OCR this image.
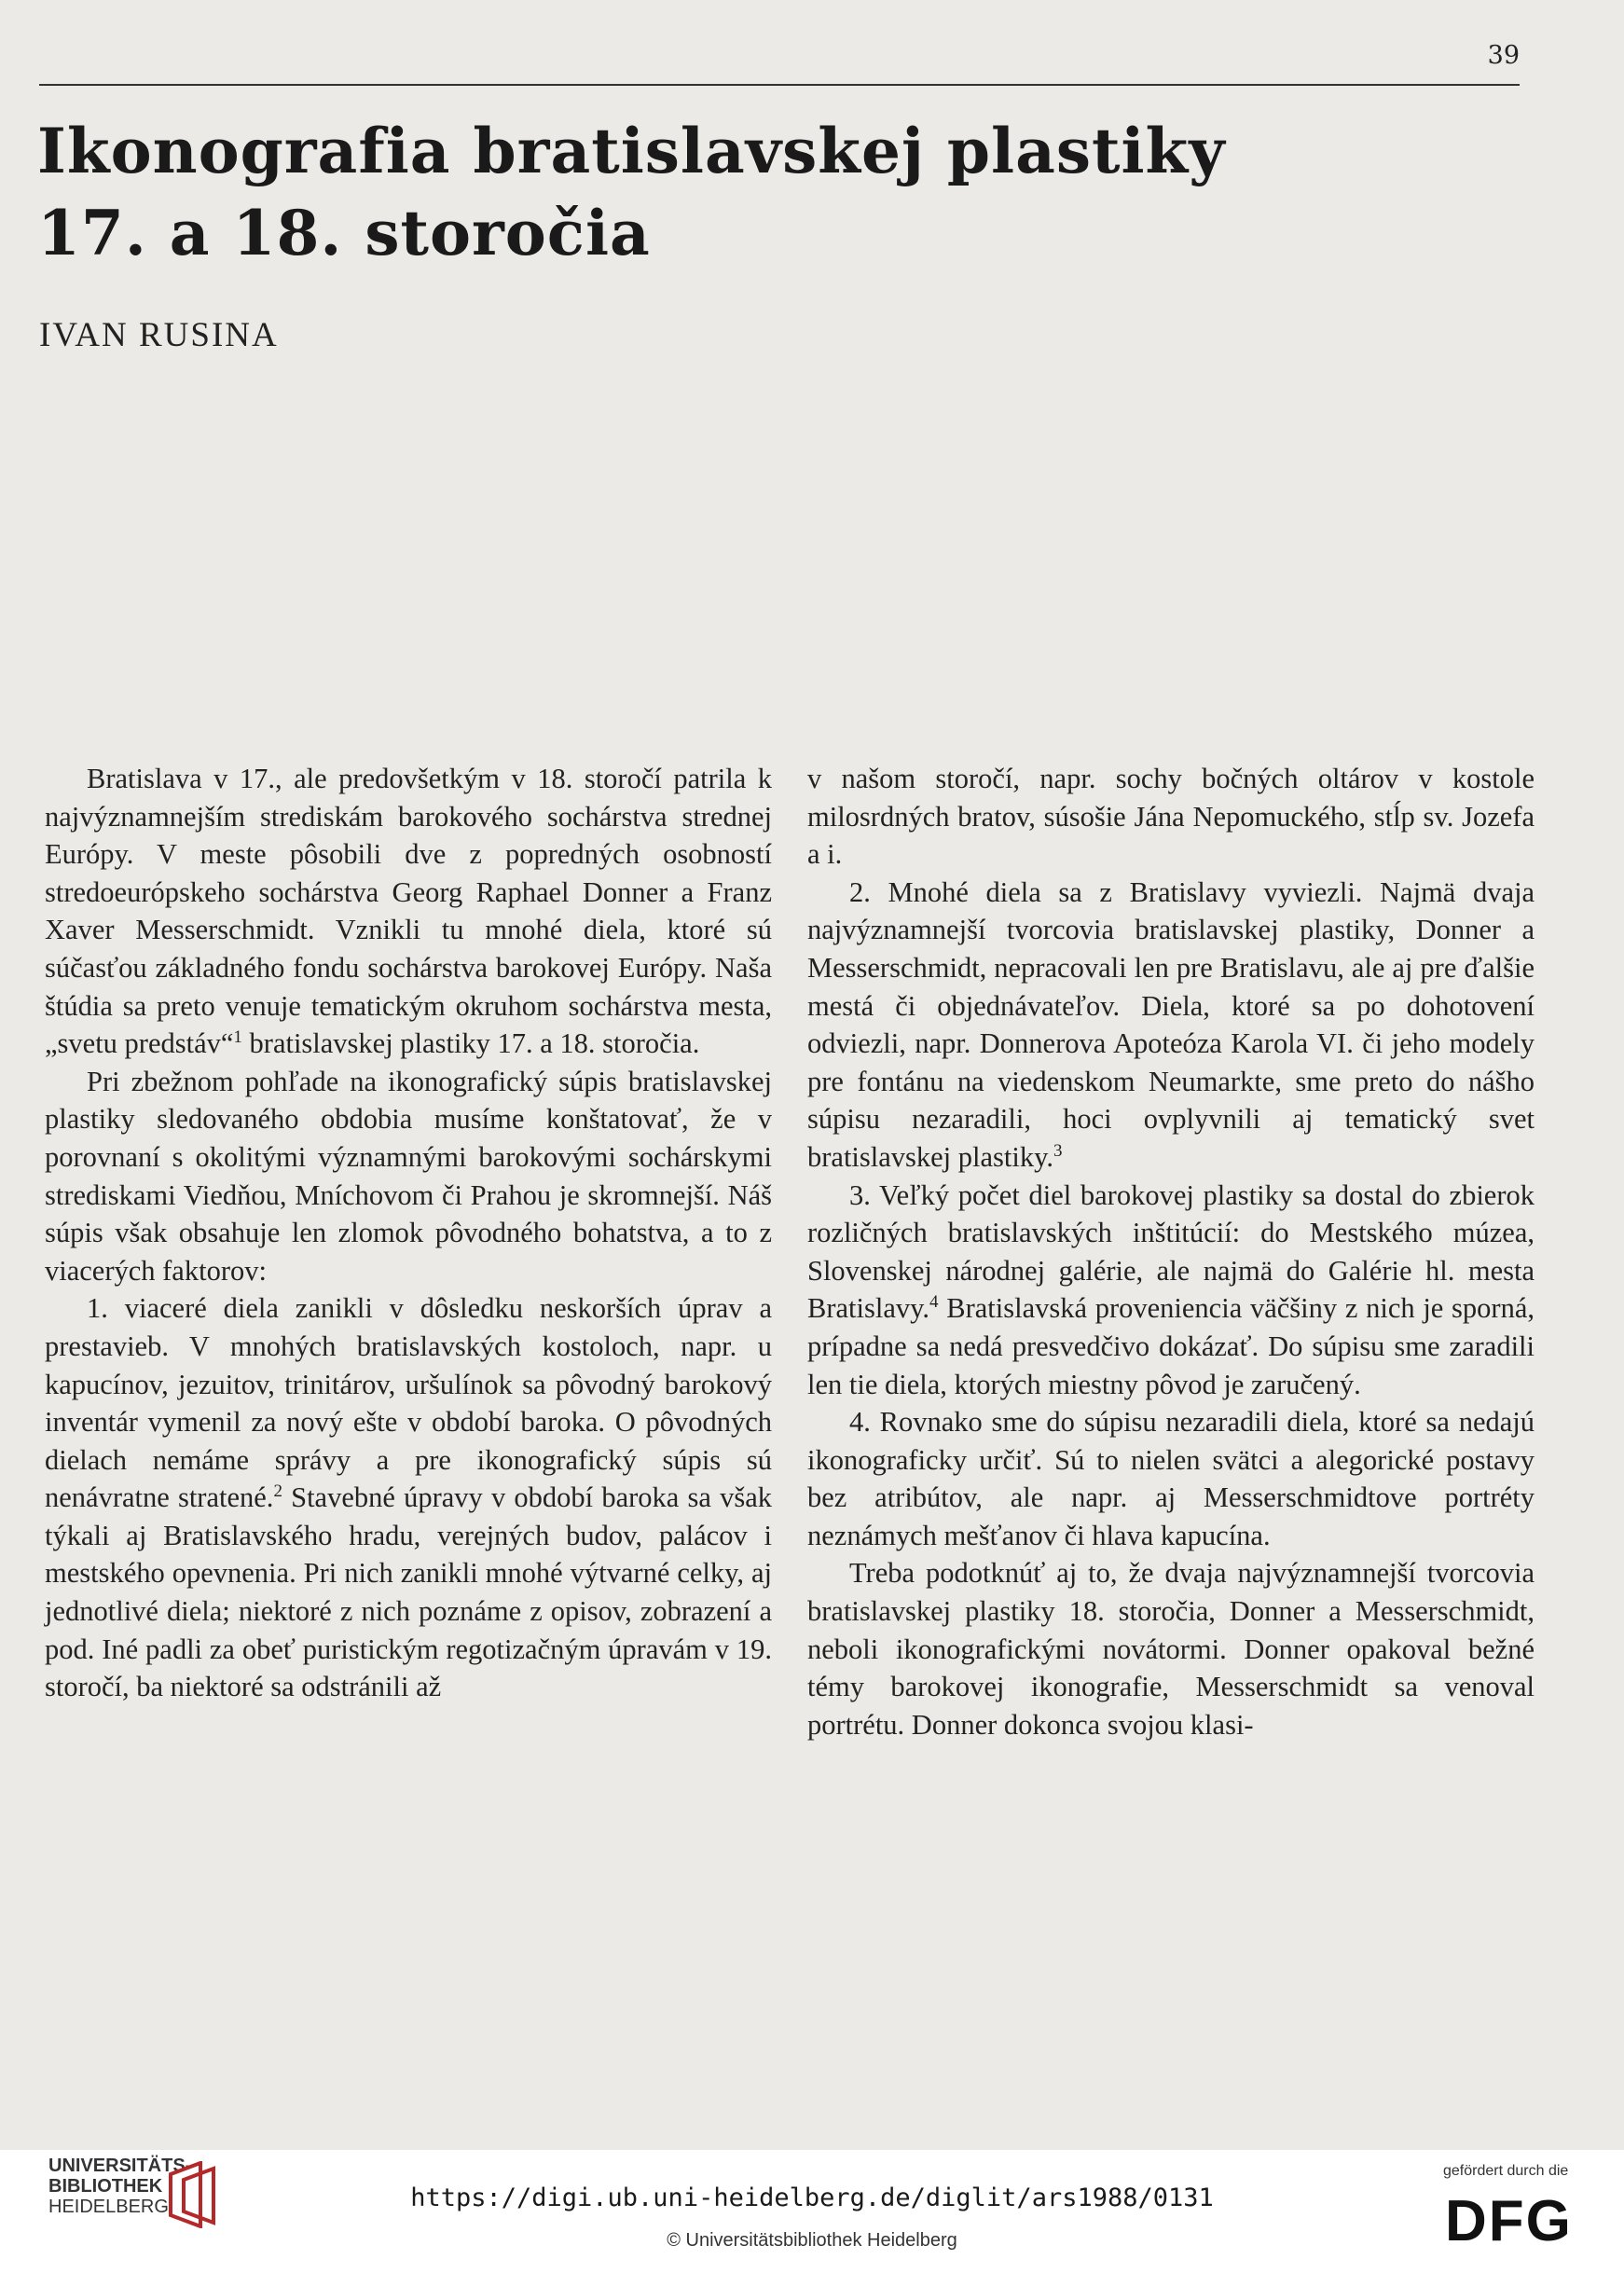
39
Ikonografia bratislavskej plastiky
17. a 18. storočia
IVAN RUSINA

Bratislava v 17., ale predovšetkým v 18. storočí patrila k najvýznamnejším strediskám barokového sochárstva strednej Európy. V meste pôsobili dve z popredných osobností stredoeurópskeho sochárstva Georg Raphael Donner a Franz Xaver Messerschmidt. Vznikli tu mnohé diela, ktoré sú súčasťou základného fondu sochárstva barokovej Európy. Naša štúdia sa preto venuje tematickým okruhom sochárstva mesta, „svetu predstáv“$^1$ bratislavskej plastiky 17. a 18. storočia.

Pri zbežnom pohľade na ikonografický súpis bratislavskej plastiky sledovaného obdobia musíme konštatovať, že v porovnaní s okolitými významnými barokovými sochárskymi strediskami Viedňou, Mníchovom či Prahou je skromnejší. Náš súpis však obsahuje len zlomok pôvodného bohatstva, a to z viacerých faktorov:

1. viaceré diela zanikli v dôsledku neskorších úprav a prestavieb. V mnohých bratislavských kostoloch, napr. u kapucínov, jezuitov, trinitárov, uršulínok sa pôvodný barokový inventár vymenil za nový ešte v období baroka. O pôvodných dielach nemáme správy a pre ikonografický súpis sú nenávratne stratené.$^2$ Stavebné úpravy v období baroka sa však týkali aj Bratislavského hradu, verejných budov, palácov i mestského opevnenia. Pri nich zanikli mnohé výtvarné celky, aj jednotlivé diela; niektoré z nich poznáme z opisov, zobrazení a pod. Iné padli za obeť puristickým regotizačným úpravám v 19. storočí, ba niektoré sa odstránili až

v našom storočí, napr. sochy bočných oltárov v kostole milosrdných bratov, súsošie Jána Nepomuckého, stĺp sv. Jozefa a i.

2. Mnohé diela sa z Bratislavy vyviezli. Najmä dvaja najvýznamnejší tvorcovia bratislavskej plastiky, Donner a Messerschmidt, nepracovali len pre Bratislavu, ale aj pre ďalšie mestá či objednávateľov. Diela, ktoré sa po dohotovení odviezli, napr. Donnerova Apoteóza Karola VI. či jeho modely pre fontánu na viedenskom Neumarkte, sme preto do nášho súpisu nezaradili, hoci ovplyvnili aj tematický svet bratislavskej plastiky.$^3$

3. Veľký počet diel barokovej plastiky sa dostal do zbierok rozličných bratislavských inštitúcií: do Mestského múzea, Slovenskej národnej galérie, ale najmä do Galérie hl. mesta Bratislavy.$^4$ Bratislavská proveniencia väčšiny z nich je sporná, prípadne sa nedá presvedčivo dokázať. Do súpisu sme zaradili len tie diela, ktorých miestny pôvod je zaručený.

4. Rovnako sme do súpisu nezaradili diela, ktoré sa nedajú ikonograficky určiť. Sú to nielen svätci a alegorické postavy bez atribútov, ale napr. aj Messerschmidtove portréty neznámych mešťanov či hlava kapucína.

Treba podotknúť aj to, že dvaja najvýznamnejší tvorcovia bratislavskej plastiky 18. storočia, Donner a Messerschmidt, neboli ikonografickými novátormi. Donner opakoval bežné témy barokovej ikonografie, Messerschmidt sa venoval portrétu. Donner dokonca svojou klasi-

UNIVERSITÄTS-
BIBLIOTHEK
HEIDELBERG	https://digi.ub.uni-heidelberg.de/diglit/ars1988/0131
© Universitätsbibliothek Heidelberg
gefördert durch die
DFG
